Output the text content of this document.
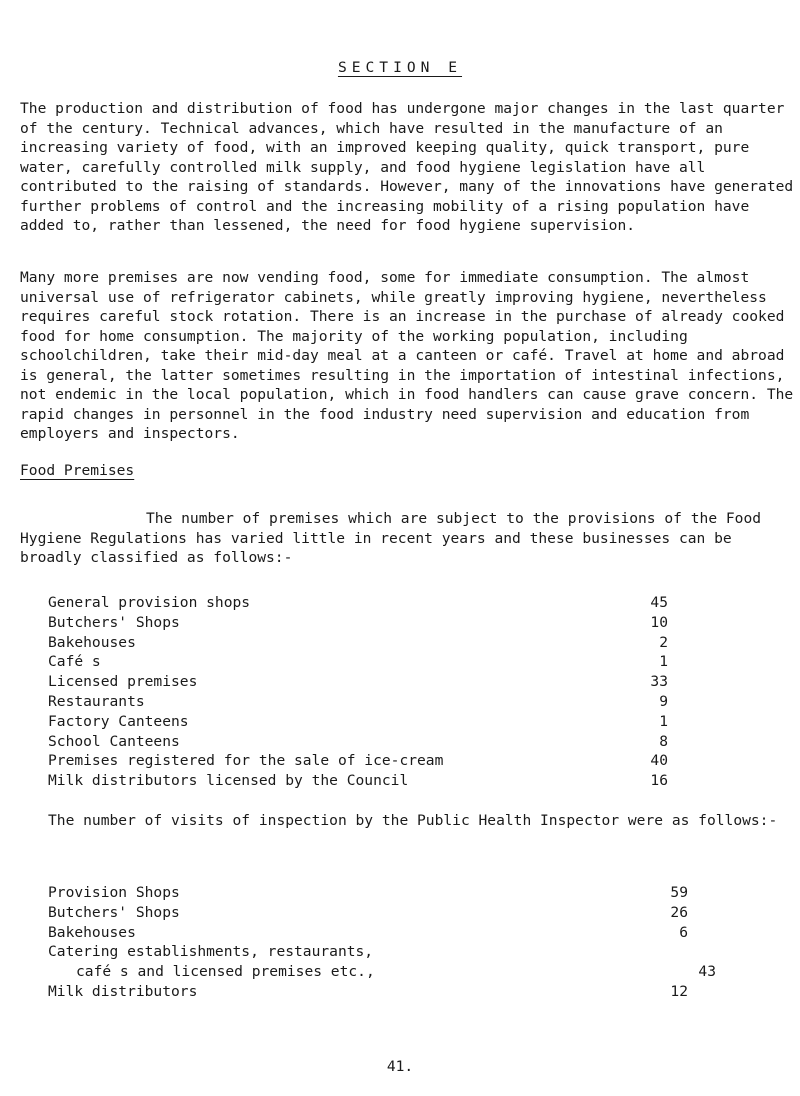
SECTION E

The production and distribution of food has undergone major changes in the last quarter of the century. Technical advances, which have resulted in the manufacture of an increasing variety of food, with an improved keeping quality, quick transport, pure water, carefully controlled milk supply, and food hygiene legislation have all contributed to the raising of standards. However, many of the innovations have generated further problems of control and the increasing mobility of a rising population have added to, rather than lessened, the need for food hygiene supervision.

Many more premises are now vending food, some for immediate consumption. The almost universal use of refrigerator cabinets, while greatly improving hygiene, nevertheless requires careful stock rotation. There is an increase in the purchase of already cooked food for home consumption. The majority of the working population, including schoolchildren, take their mid-day meal at a canteen or café. Travel at home and abroad is general, the latter sometimes resulting in the importation of intestinal infections, not endemic in the local population, which in food handlers can cause grave concern. The rapid changes in personnel in the food industry need supervision and education from employers and inspectors.

Food Premises

The number of premises which are subject to the provisions of the Food Hygiene Regulations has varied little in recent years and these businesses can be broadly classified as follows:-

General provision shops	45
Butchers' Shops	10
Bakehouses	2
Café s	1
Licensed premises	33
Restaurants	9
Factory Canteens	1
School Canteens	8
Premises registered for the sale of ice-cream	40
Milk distributors licensed by the Council	16

The number of visits of inspection by the Public Health Inspector were as follows:-

Provision Shops	59
Butchers' Shops	26
Bakehouses	6
Catering establishments, restaurants,
café s and licensed premises etc.,	43
Milk distributors	12
41.
